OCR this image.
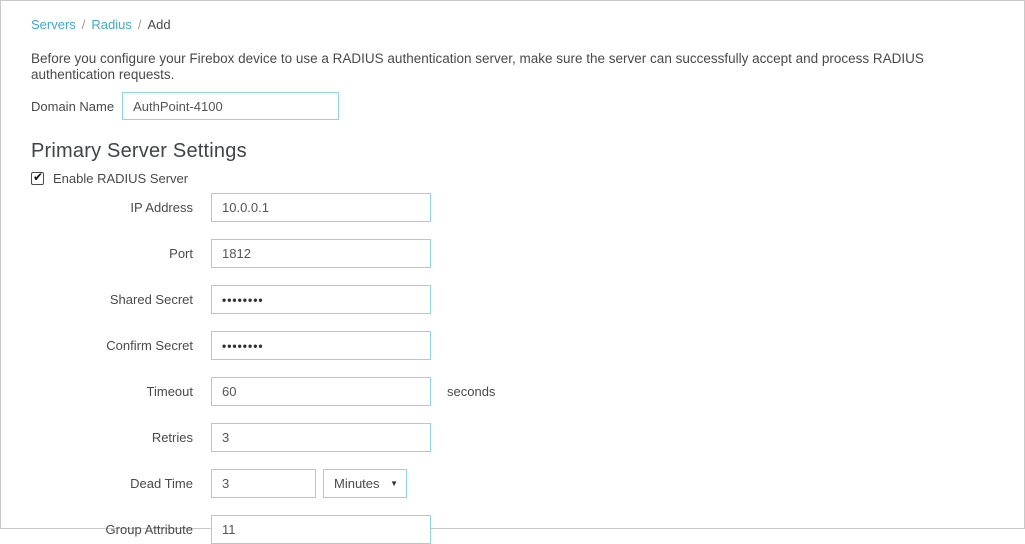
Servers / Radius / Add
Before you configure your Firebox device to use a RADIUS authentication server, make sure the server can successfully accept and process RADIUS authentication requests.
Domain Name
AuthPoint-4100
Primary Server Settings
✔
Enable RADIUS Server
IP Address
10.0.0.1
Port
1812
Shared Secret
••••••••
Confirm Secret
••••••••
Timeout
60	seconds
Retries
3
Dead Time
3	Minutes ▼
Group Attribute
11
